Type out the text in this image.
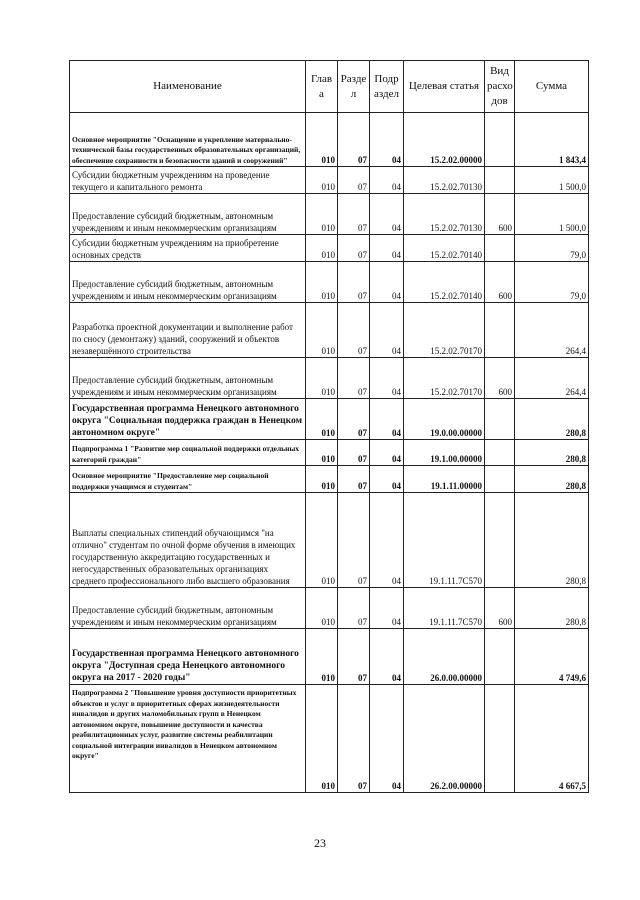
Наименование	Глав а	Разде л	Подр аздел	Целевая статья	Вид расхо дов	Сумма
Основное мероприятие "Оснащение и укрепление материально-технической базы государственных образовательных организаций, обеспечение сохранности и безопасности зданий и сооружений"	010	07	04	15.2.02.00000		1 843,4
Субсидии бюджетным учреждениям на проведение текущего и капитального ремонта	010	07	04	15.2.02.70130		1 500,0
Предоставление субсидий бюджетным, автономным учреждениям и иным некоммерческим организациям	010	07	04	15.2.02.70130	600	1 500,0
Субсидии бюджетным учреждениям на приобретение основных средств	010	07	04	15.2.02.70140		79,0
Предоставление субсидий бюджетным, автономным учреждениям и иным некоммерческим организациям	010	07	04	15.2.02.70140	600	79,0
Разработка проектной документации и выполнение работ по сносу (демонтажу) зданий, сооружений и объектов незавершённого строительства	010	07	04	15.2.02.70170		264,4
Предоставление субсидий бюджетным, автономным учреждениям и иным некоммерческим организациям	010	07	04	15.2.02.70170	600	264,4
Государственная программа Ненецкого автономного округа "Социальная поддержка граждан в Ненецком автономном округе"	010	07	04	19.0.00.00000		280,8
Подпрограмма 1 "Развитие мер социальной поддержки отдельных категорий граждан"	010	07	04	19.1.00.00000		280,8
Основное мероприятие "Предоставление мер социальной поддержки учащимся и студентам"	010	07	04	19.1.11.00000		280,8
Выплаты специальных стипендий обучающимся "на отлично" студентам по очной форме обучения в имеющих государственную аккредитацию государственных и негосударственных образовательных организациях среднего профессионального либо высшего образования	010	07	04	19.1.11.7C570		280,8
Предоставление субсидий бюджетным, автономным учреждениям и иным некоммерческим организациям	010	07	04	19.1.11.7C570	600	280,8
Государственная программа Ненецкого автономного округа "Доступная среда Ненецкого автономного округа на 2017 - 2020 годы"	010	07	04	26.0.00.00000		4 749,6
Подпрограмма 2 "Повышение уровня доступности приоритетных объектов и услуг в приоритетных сферах жизнедеятельности инвалидов и других маломобильных групп в Ненецком автономном округе, повышение доступности и качества реабилитационных услуг, развитие системы реабилитации социальной интеграции инвалидов в Ненецком автономном округе"	010	07	04	26.2.00.00000		4 667,5
23
